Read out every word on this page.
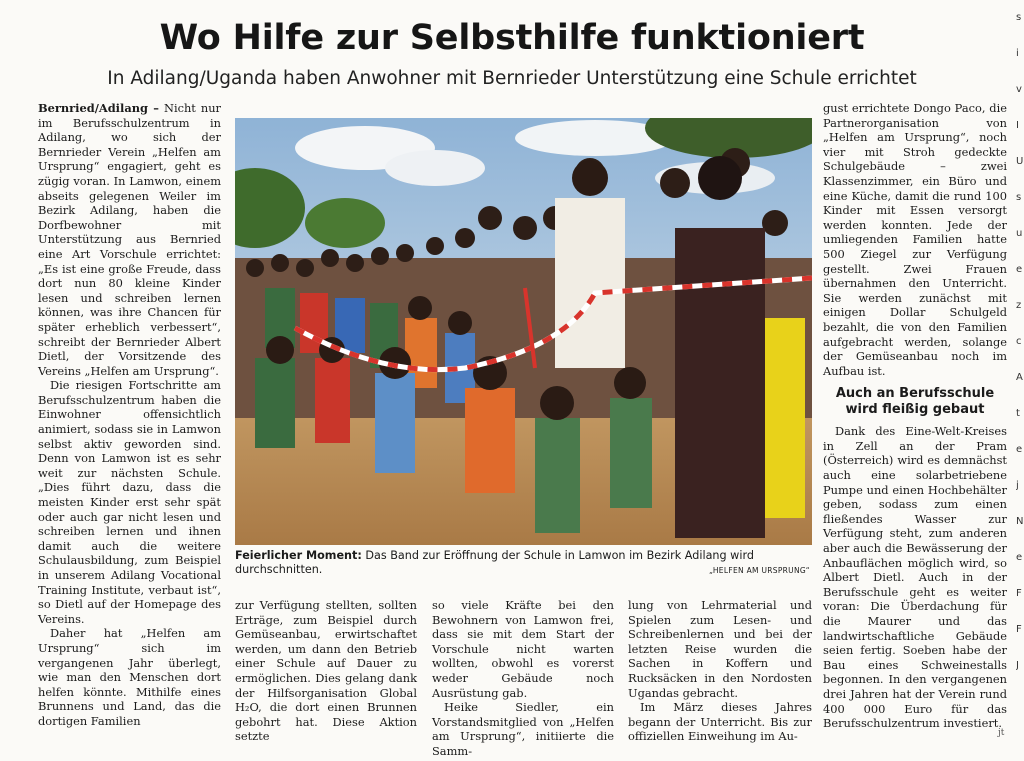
Wo Hilfe zur Selbsthilfe funktioniert
In Adilang/Uganda haben Anwohner mit Bernrieder Unterstützung eine Schule errichtet

Bernried/Adilang – Nicht nur im Berufsschulzentrum in Adilang, wo sich der Bernrieder Verein „Helfen am Ursprung“ engagiert, geht es zügig voran. In Lamwon, einem abseits gelegenen Weiler im Bezirk Adilang, haben die Dorfbewohner mit Unterstützung aus Bernried eine Art Vorschule errichtet: „Es ist eine große Freude, dass dort nun 80 kleine Kinder lesen und schreiben lernen können, was ihre Chancen für später erheblich verbessert“, schreibt der Bernrieder Albert Dietl, der Vorsitzende des Vereins „Helfen am Ursprung“.

Die riesigen Fortschritte am Berufsschulzentrum haben die Einwohner offensichtlich animiert, sodass sie in Lamwon selbst aktiv geworden sind. Denn von Lamwon ist es sehr weit zur nächsten Schule. „Dies führt dazu, dass die meisten Kinder erst sehr spät oder auch gar nicht lesen und schreiben lernen und ihnen damit auch die weitere Schulausbildung, zum Beispiel in unserem Adilang Vocational Training Institute, verbaut ist“, so Dietl auf der Homepage des Vereins.

Daher hat „Helfen am Ursprung“ sich im vergangenen Jahr überlegt, wie man den Menschen dort helfen könnte. Mithilfe eines Brunnens und Land, das die dortigen Familien

Feierlicher Moment: Das Band zur Eröffnung der Schule in Lamwon im Bezirk Adilang wird durchschnitten.	„HELFEN AM URSPRUNG“

zur Verfügung stellten, sollten Erträge, zum Beispiel durch Gemüseanbau, erwirtschaftet werden, um dann den Betrieb einer Schule auf Dauer zu ermöglichen. Dies gelang dank der Hilfsorganisation Global H₂O, die dort einen Brunnen gebohrt hat. Diese Aktion setzte

so viele Kräfte bei den Bewohnern von Lamwon frei, dass sie mit dem Start der Vorschule nicht warten wollten, obwohl es vorerst weder Gebäude noch Ausrüstung gab.

Heike Siedler, ein Vorstandsmitglied von „Helfen am Ursprung“, initiierte die Samm-

lung von Lehrmaterial und Spielen zum Lesen- und Schreibenlernen und bei der letzten Reise wurden die Sachen in Koffern und Rucksäcken in den Nordosten Ugandas gebracht.

Im März dieses Jahres begann der Unterricht. Bis zur offiziellen Einweihung im Au-

gust errichtete Dongo Paco, die Partnerorganisation von „Helfen am Ursprung“, noch vier mit Stroh gedeckte Schulgebäude – zwei Klassenzimmer, ein Büro und eine Küche, damit die rund 100 Kinder mit Essen versorgt werden konnten. Jede der umliegenden Familien hatte 500 Ziegel zur Verfügung gestellt. Zwei Frauen übernahmen den Unterricht. Sie werden zunächst mit einigen Dollar Schulgeld bezahlt, die von den Familien aufgebracht werden, solange der Gemüseanbau noch im Aufbau ist.

Auch an Berufsschule
wird fleißig gebaut

Dank des Eine-Welt-Kreises in Zell an der Pram (Österreich) wird es demnächst auch eine solarbetriebene Pumpe und einen Hochbehälter geben, sodass zum einen fließendes Wasser zur Verfügung steht, zum anderen aber auch die Bewässerung der Anbauflächen möglich wird, so Albert Dietl. Auch in der Berufsschule geht es weiter voran: Die Überdachung für die Maurer und das landwirtschaftliche Gebäude seien fertig. Soeben habe der Bau eines Schweinestalls begonnen. In den vergangenen drei Jahren hat der Verein rund 400 000 Euro für das Berufsschulzentrum investiert.

jt
s
i
v
I
U
s
u
e
z
c
A
t
e
j
N
e
F
F
J
